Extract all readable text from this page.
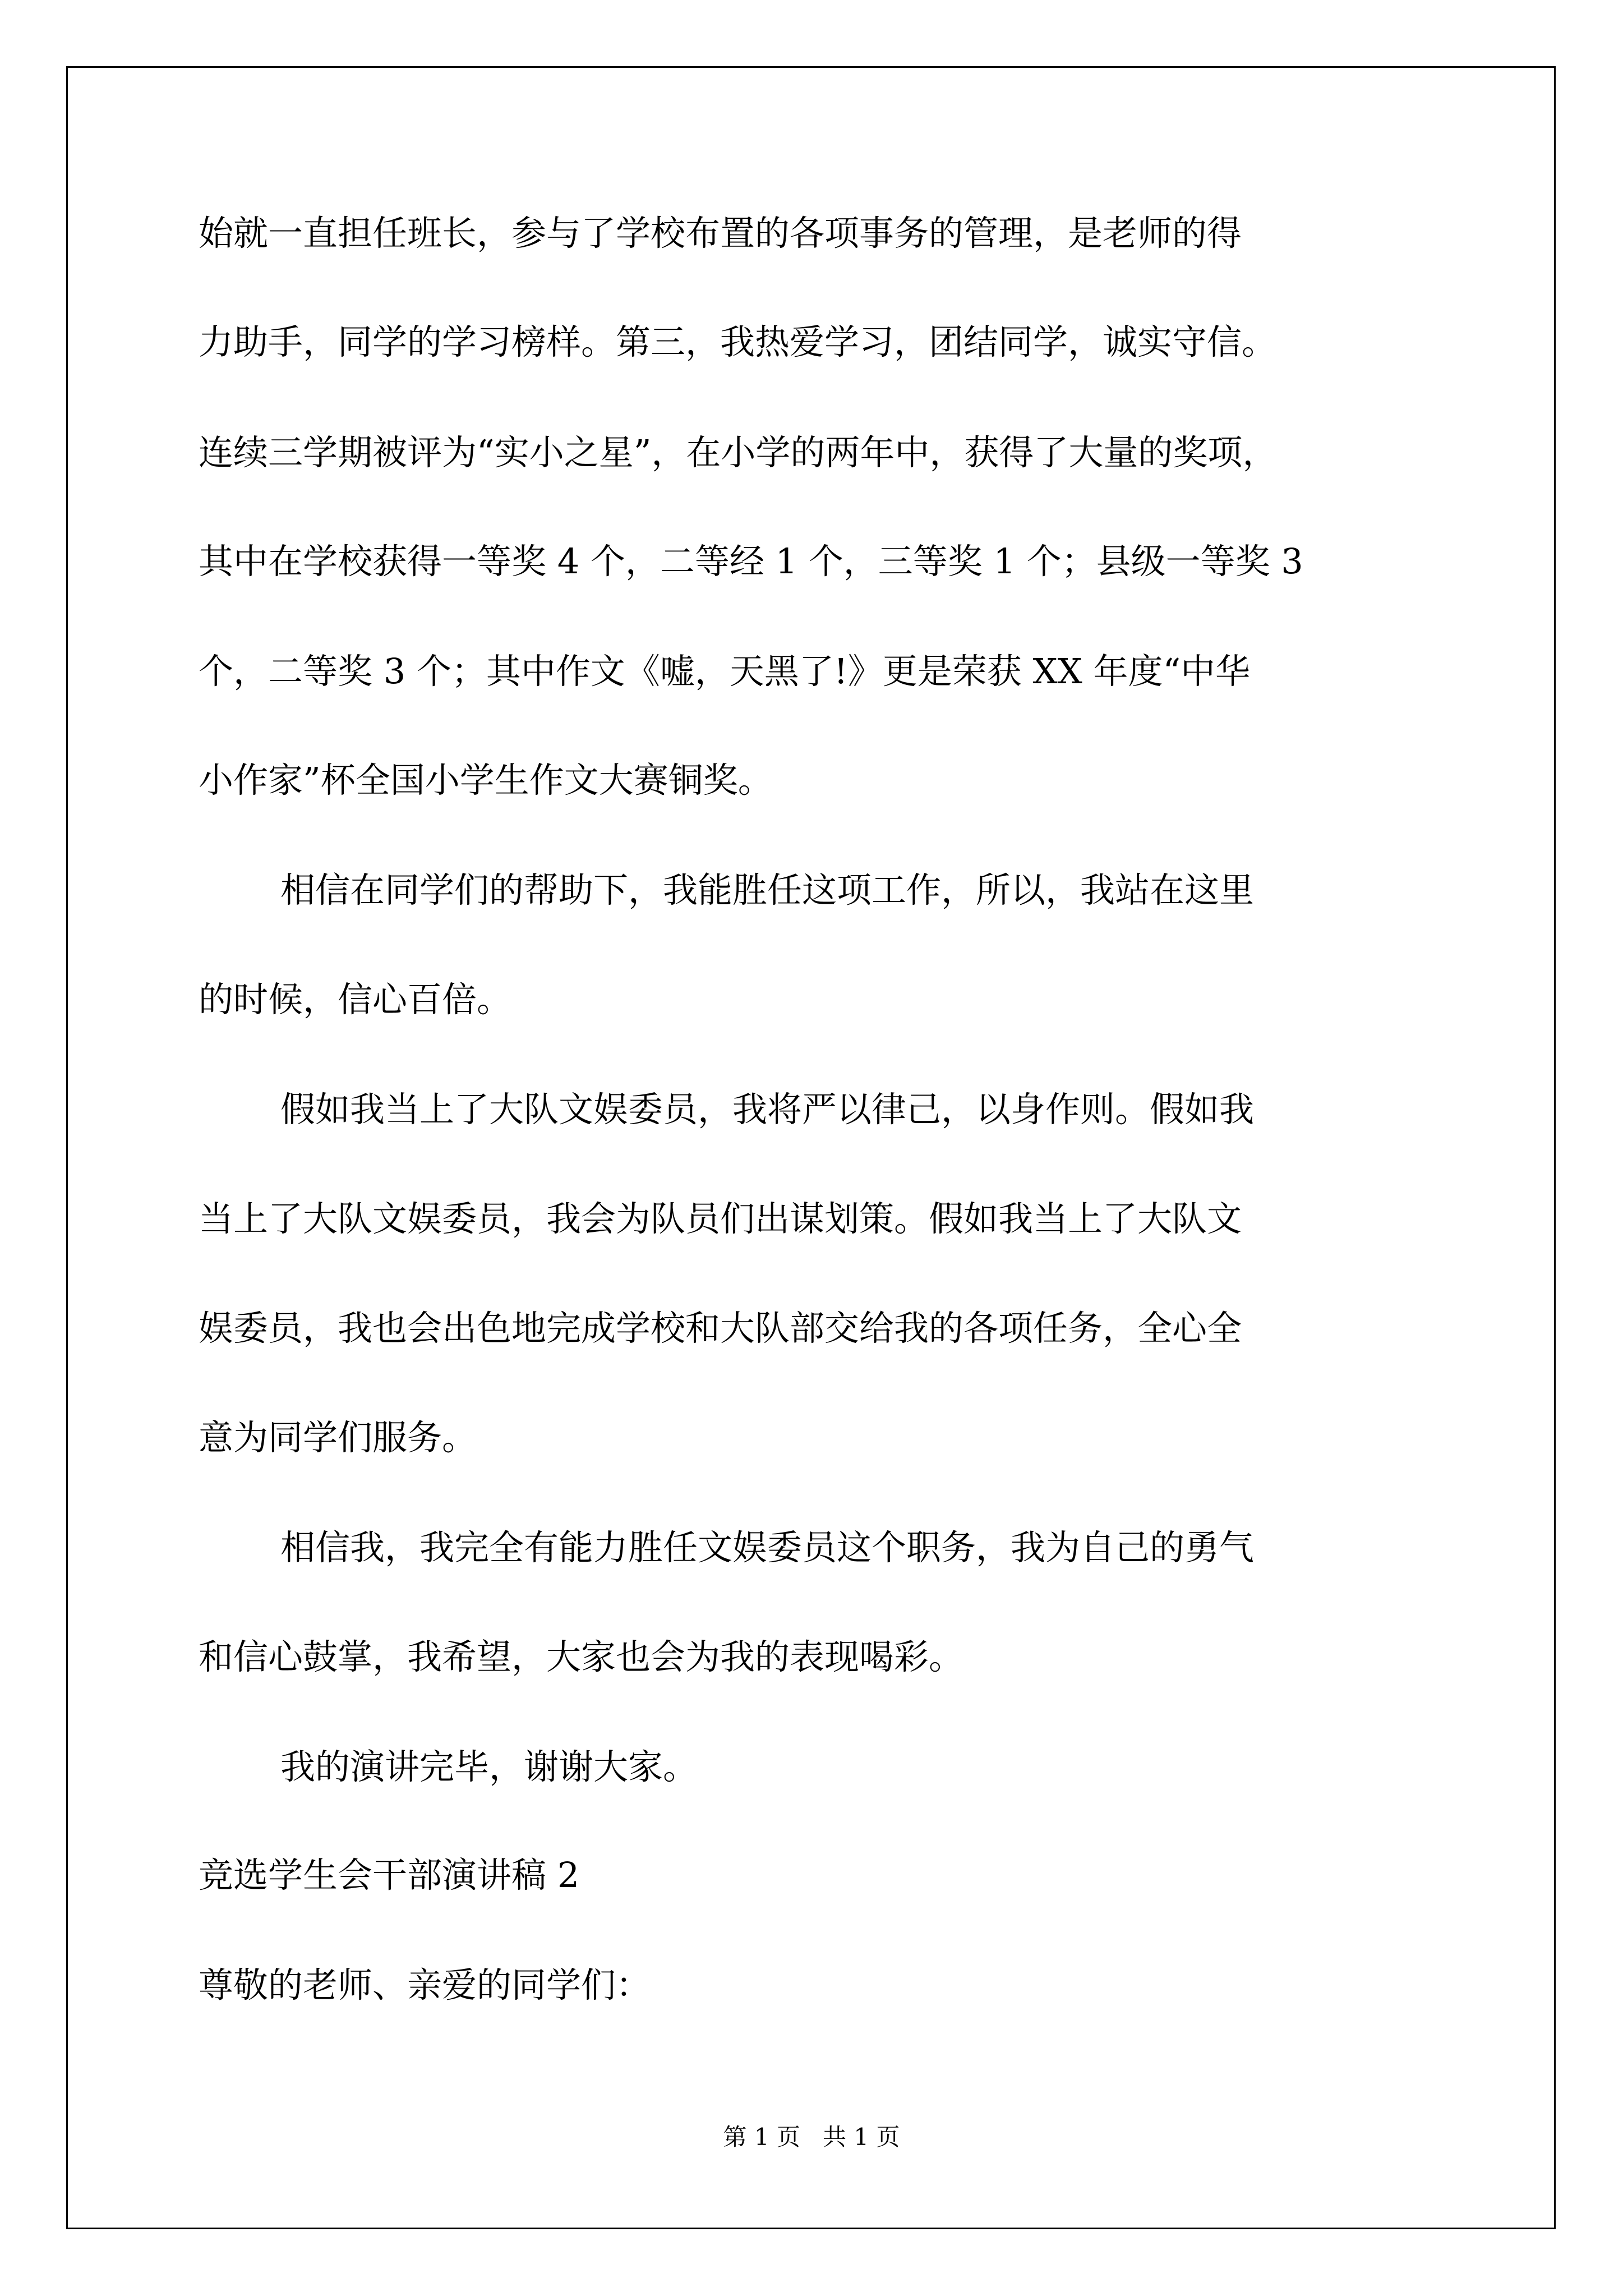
始就一直担任班长，参与了学校布置的各项事务的管理，是老师的得
力助手，同学的学习榜样。第三，我热爱学习，团结同学，诚实守信。
连续三学期被评为“实小之星”，在小学的两年中，获得了大量的奖项，
其中在学校获得一等奖 4 个，二等经 1 个，三等奖 1 个；县级一等奖 3
个，二等奖 3 个；其中作文《嘘，天黑了!》更是荣获 XX 年度“中华
小作家”杯全国小学生作文大赛铜奖。
相信在同学们的帮助下，我能胜任这项工作，所以，我站在这里
的时候，信心百倍。
假如我当上了大队文娱委员，我将严以律己，以身作则。假如我
当上了大队文娱委员，我会为队员们出谋划策。假如我当上了大队文
娱委员，我也会出色地完成学校和大队部交给我的各项任务，全心全
意为同学们服务。
相信我，我完全有能力胜任文娱委员这个职务，我为自己的勇气
和信心鼓掌，我希望，大家也会为我的表现喝彩。
我的演讲完毕，谢谢大家。
竞选学生会干部演讲稿 2
尊敬的老师、亲爱的同学们：
第 1 页   共 1 页
